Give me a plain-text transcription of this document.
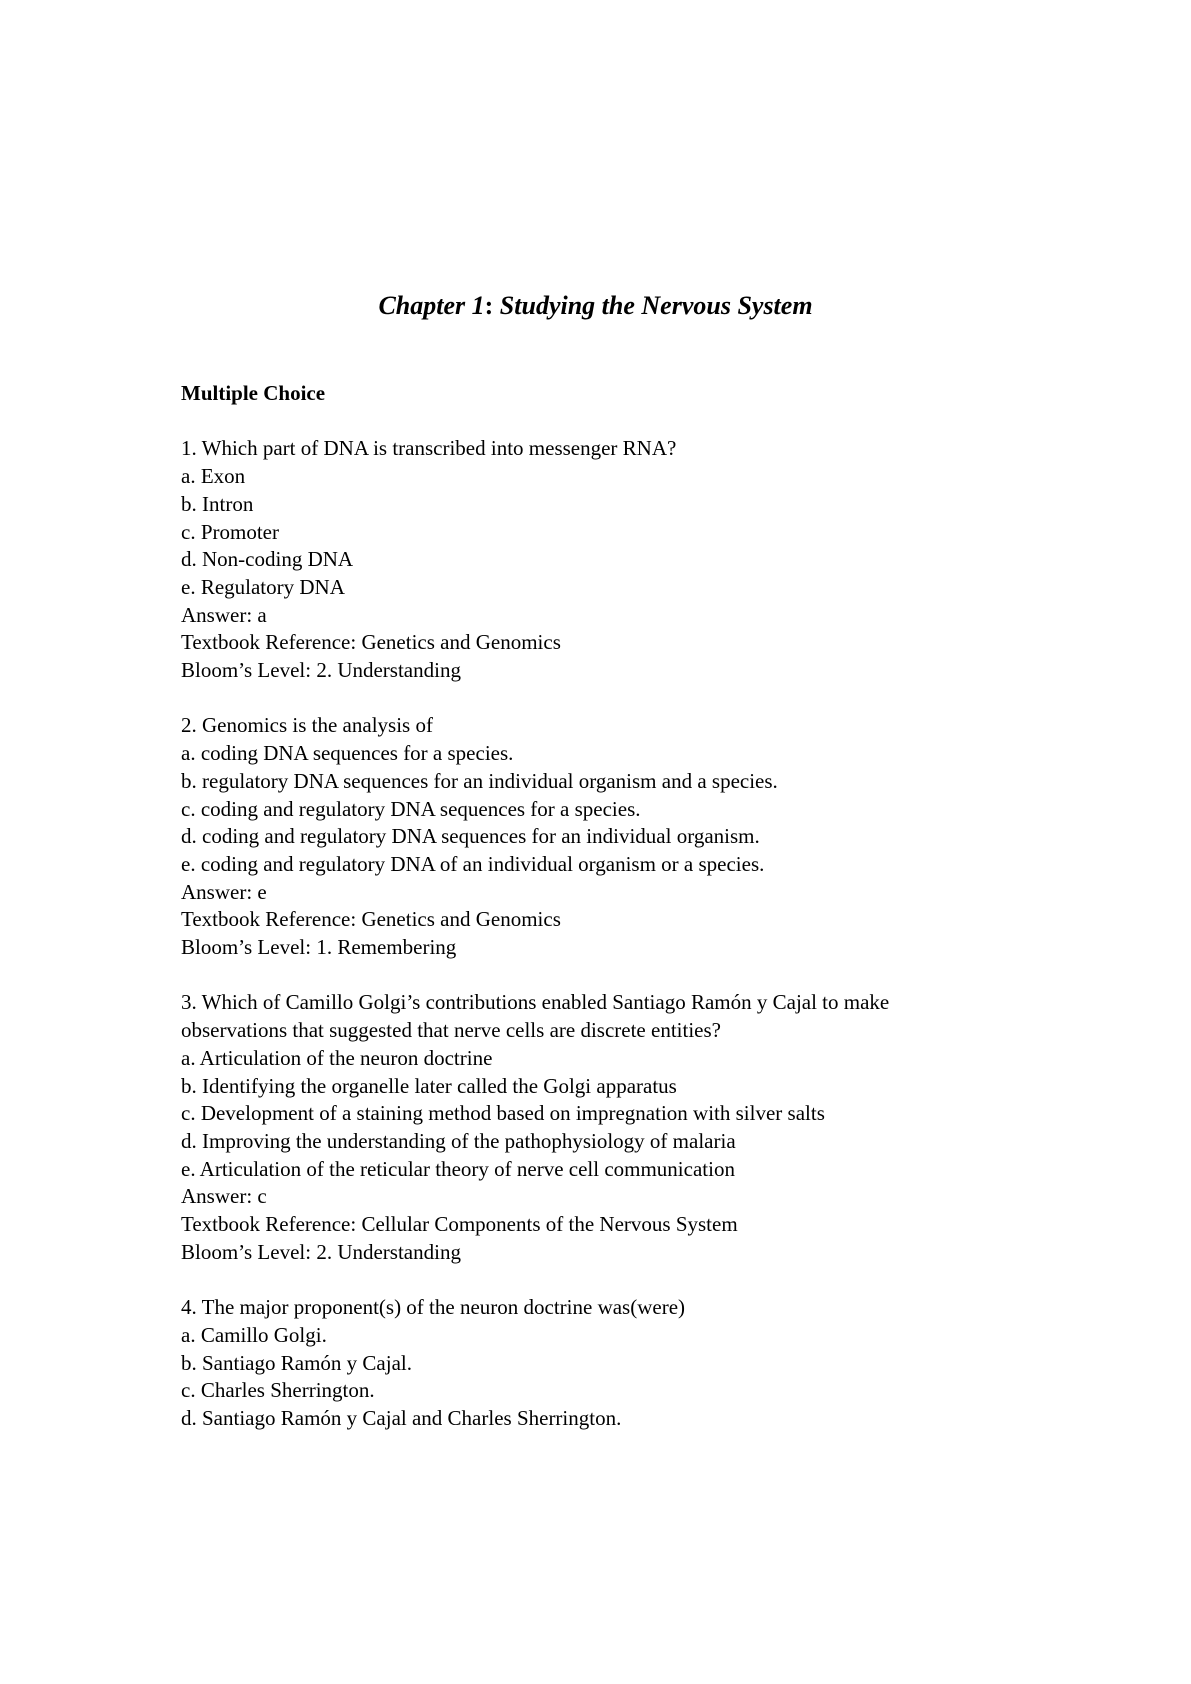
Chapter 1: Studying the Nervous System
Multiple Choice
1. Which part of DNA is transcribed into messenger RNA?
a. Exon
b. Intron
c. Promoter
d. Non-coding DNA
e. Regulatory DNA
Answer: a
Textbook Reference: Genetics and Genomics
Bloom’s Level: 2. Understanding
2. Genomics is the analysis of
a. coding DNA sequences for a species.
b. regulatory DNA sequences for an individual organism and a species.
c. coding and regulatory DNA sequences for a species.
d. coding and regulatory DNA sequences for an individual organism.
e. coding and regulatory DNA of an individual organism or a species.
Answer: e
Textbook Reference: Genetics and Genomics
Bloom’s Level: 1. Remembering
3. Which of Camillo Golgi’s contributions enabled Santiago Ramón y Cajal to make
observations that suggested that nerve cells are discrete entities?
a. Articulation of the neuron doctrine
b. Identifying the organelle later called the Golgi apparatus
c. Development of a staining method based on impregnation with silver salts
d. Improving the understanding of the pathophysiology of malaria
e. Articulation of the reticular theory of nerve cell communication
Answer: c
Textbook Reference: Cellular Components of the Nervous System
Bloom’s Level: 2. Understanding
4. The major proponent(s) of the neuron doctrine was(were)
a. Camillo Golgi.
b. Santiago Ramón y Cajal.
c. Charles Sherrington.
d. Santiago Ramón y Cajal and Charles Sherrington.
